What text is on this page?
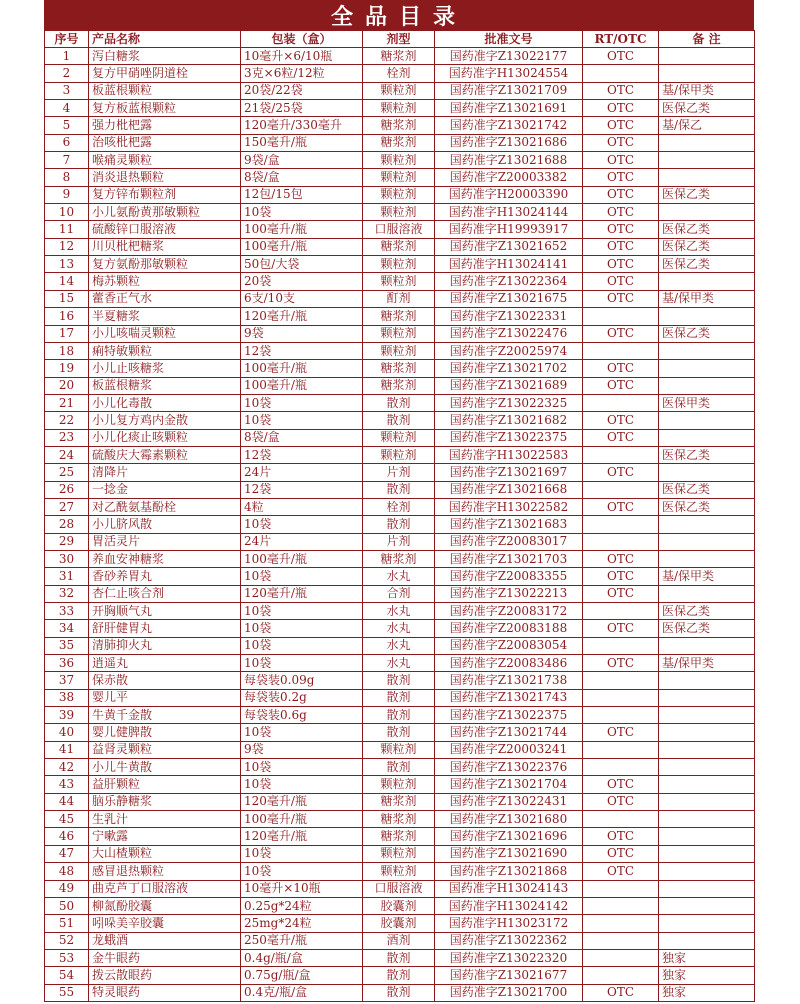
全品目录
序号	产品名称	包装（盒）	剂型	批准文号	RT/OTC	备 注
1	泻白糖浆	10毫升×6/10瓶	糖浆剂	国药准字Z13022177	OTC	
2	复方甲硝唑阴道栓	3克×6粒/12粒	栓剂	国药准字H13024554		
3	板蓝根颗粒	20袋/22袋	颗粒剂	国药准字Z13021709	OTC	基/保甲类
4	复方板蓝根颗粒	21袋/25袋	颗粒剂	国药准字Z13021691	OTC	医保乙类
5	强力枇杷露	120毫升/330毫升	糖浆剂	国药准字Z13021742	OTC	基/保乙
6	治咳枇杷露	150毫升/瓶	糖浆剂	国药准字Z13021686	OTC	
7	喉痛灵颗粒	9袋/盒	颗粒剂	国药准字Z13021688	OTC	
8	消炎退热颗粒	8袋/盒	颗粒剂	国药准字Z20003382	OTC	
9	复方锌布颗粒剂	12包/15包	颗粒剂	国药准字H20003390	OTC	医保乙类
10	小儿氨酚黄那敏颗粒	10袋	颗粒剂	国药准字H13024144	OTC	
11	硫酸锌口服溶液	100毫升/瓶	口服溶液	国药准字H19993917	OTC	医保乙类
12	川贝枇杷糖浆	100毫升/瓶	糖浆剂	国药准字Z13021652	OTC	医保乙类
13	复方氨酚那敏颗粒	50包/大袋	颗粒剂	国药准字H13024141	OTC	医保乙类
14	梅苏颗粒	20袋	颗粒剂	国药准字Z13022364	OTC	
15	藿香正气水	6支/10支	酊剂	国药准字Z13021675	OTC	基/保甲类
16	半夏糖浆	120毫升/瓶	糖浆剂	国药准字Z13022331		
17	小儿咳喘灵颗粒	9袋	颗粒剂	国药准字Z13022476	OTC	医保乙类
18	痢特敏颗粒	12袋	颗粒剂	国药准字Z20025974		
19	小儿止咳糖浆	100毫升/瓶	糖浆剂	国药准字Z13021702	OTC	
20	板蓝根糖浆	100毫升/瓶	糖浆剂	国药准字Z13021689	OTC	
21	小儿化毒散	10袋	散剂	国药准字Z13022325		医保甲类
22	小儿复方鸡内金散	10袋	散剂	国药准字Z13021682	OTC	
23	小儿化痰止咳颗粒	8袋/盒	颗粒剂	国药准字Z13022375	OTC	
24	硫酸庆大霉素颗粒	12袋	颗粒剂	国药准字H13022583		医保乙类
25	清降片	24片	片剂	国药准字Z13021697	OTC	
26	一捻金	12袋	散剂	国药准字Z13021668		医保乙类
27	对乙酰氨基酚栓	4粒	栓剂	国药准字H13022582	OTC	医保乙类
28	小儿脐风散	10袋	散剂	国药准字Z13021683		
29	胃活灵片	24片	片剂	国药准字Z20083017		
30	养血安神糖浆	100毫升/瓶	糖浆剂	国药准字Z13021703	OTC	
31	香砂养胃丸	10袋	水丸	国药准字Z20083355	OTC	基/保甲类
32	杏仁止咳合剂	120毫升/瓶	合剂	国药准字Z13022213	OTC	
33	开胸顺气丸	10袋	水丸	国药准字Z20083172		医保乙类
34	舒肝健胃丸	10袋	水丸	国药准字Z20083188	OTC	医保乙类
35	清肺抑火丸	10袋	水丸	国药准字Z20083054		
36	逍遥丸	10袋	水丸	国药准字Z20083486	OTC	基/保甲类
37	保赤散	每袋装0.09g	散剂	国药准字Z13021738		
38	婴儿平	每袋装0.2g	散剂	国药准字Z13021743		
39	牛黄千金散	每袋装0.6g	散剂	国药准字Z13022375		
40	婴儿健脾散	10袋	散剂	国药准字Z13021744	OTC	
41	益肾灵颗粒	9袋	颗粒剂	国药准字Z20003241		
42	小儿牛黄散	10袋	散剂	国药准字Z13022376		
43	益肝颗粒	10袋	颗粒剂	国药准字Z13021704	OTC	
44	脑乐静糖浆	120毫升/瓶	糖浆剂	国药准字Z13022431	OTC	
45	生乳汁	100毫升/瓶	糖浆剂	国药准字Z13021680		
46	宁嗽露	120毫升/瓶	糖浆剂	国药准字Z13021696	OTC	
47	大山楂颗粒	10袋	颗粒剂	国药准字Z13021690	OTC	
48	感冒退热颗粒	10袋	颗粒剂	国药准字Z13021868	OTC	
49	曲克芦丁口服溶液	10毫升×10瓶	口服溶液	国药准字H13024143		
50	柳氮酚胶囊	0.25g*24粒	胶囊剂	国药准字H13024142		
51	吲哚美辛胶囊	25mg*24粒	胶囊剂	国药准字H13023172		
52	龙蛾酒	250毫升/瓶	酒剂	国药准字Z13022362		
53	金牛眼药	0.4g/瓶/盒	散剂	国药准字Z13022320		独家
54	拨云散眼药	0.75g/瓶/盒	散剂	国药准字Z13021677		独家
55	特灵眼药	0.4克/瓶/盒	散剂	国药准字Z13021700	OTC	独家
